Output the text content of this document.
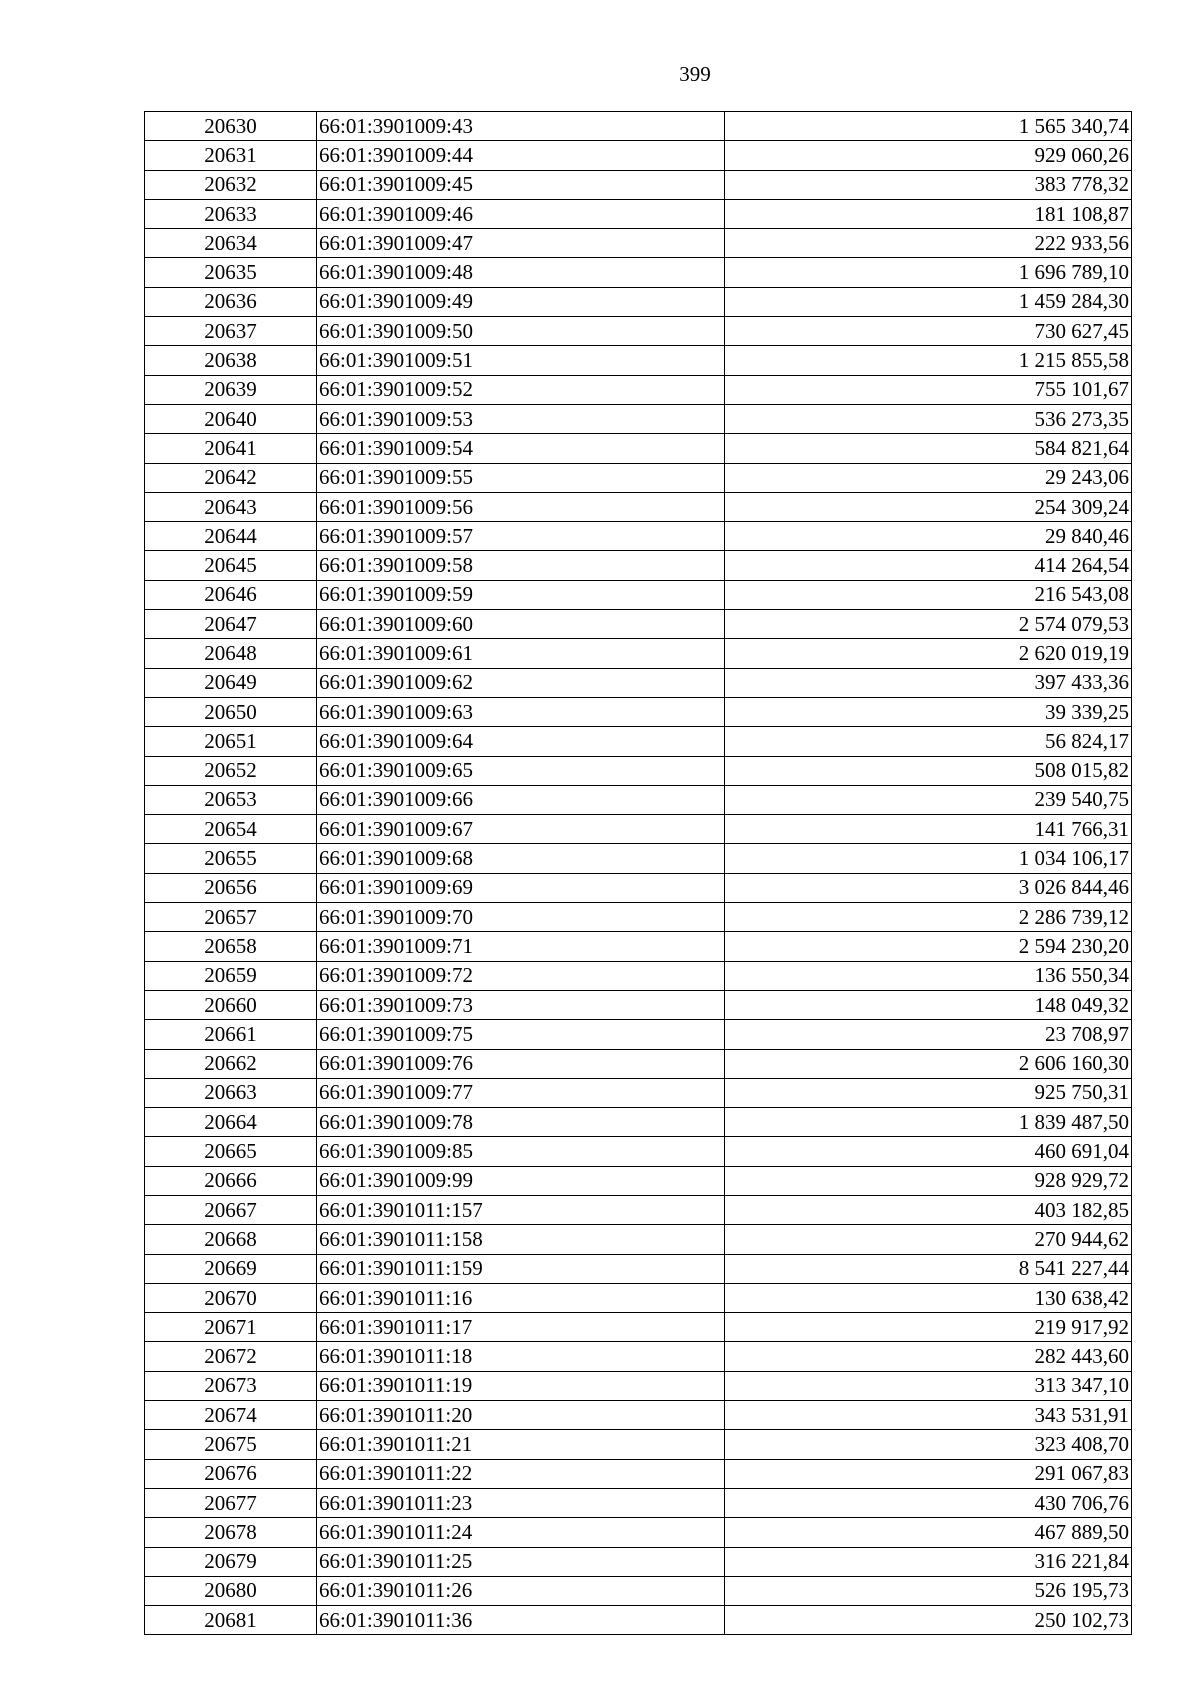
399
20630	66:01:3901009:43	1 565 340,74
20631	66:01:3901009:44	929 060,26
20632	66:01:3901009:45	383 778,32
20633	66:01:3901009:46	181 108,87
20634	66:01:3901009:47	222 933,56
20635	66:01:3901009:48	1 696 789,10
20636	66:01:3901009:49	1 459 284,30
20637	66:01:3901009:50	730 627,45
20638	66:01:3901009:51	1 215 855,58
20639	66:01:3901009:52	755 101,67
20640	66:01:3901009:53	536 273,35
20641	66:01:3901009:54	584 821,64
20642	66:01:3901009:55	29 243,06
20643	66:01:3901009:56	254 309,24
20644	66:01:3901009:57	29 840,46
20645	66:01:3901009:58	414 264,54
20646	66:01:3901009:59	216 543,08
20647	66:01:3901009:60	2 574 079,53
20648	66:01:3901009:61	2 620 019,19
20649	66:01:3901009:62	397 433,36
20650	66:01:3901009:63	39 339,25
20651	66:01:3901009:64	56 824,17
20652	66:01:3901009:65	508 015,82
20653	66:01:3901009:66	239 540,75
20654	66:01:3901009:67	141 766,31
20655	66:01:3901009:68	1 034 106,17
20656	66:01:3901009:69	3 026 844,46
20657	66:01:3901009:70	2 286 739,12
20658	66:01:3901009:71	2 594 230,20
20659	66:01:3901009:72	136 550,34
20660	66:01:3901009:73	148 049,32
20661	66:01:3901009:75	23 708,97
20662	66:01:3901009:76	2 606 160,30
20663	66:01:3901009:77	925 750,31
20664	66:01:3901009:78	1 839 487,50
20665	66:01:3901009:85	460 691,04
20666	66:01:3901009:99	928 929,72
20667	66:01:3901011:157	403 182,85
20668	66:01:3901011:158	270 944,62
20669	66:01:3901011:159	8 541 227,44
20670	66:01:3901011:16	130 638,42
20671	66:01:3901011:17	219 917,92
20672	66:01:3901011:18	282 443,60
20673	66:01:3901011:19	313 347,10
20674	66:01:3901011:20	343 531,91
20675	66:01:3901011:21	323 408,70
20676	66:01:3901011:22	291 067,83
20677	66:01:3901011:23	430 706,76
20678	66:01:3901011:24	467 889,50
20679	66:01:3901011:25	316 221,84
20680	66:01:3901011:26	526 195,73
20681	66:01:3901011:36	250 102,73
